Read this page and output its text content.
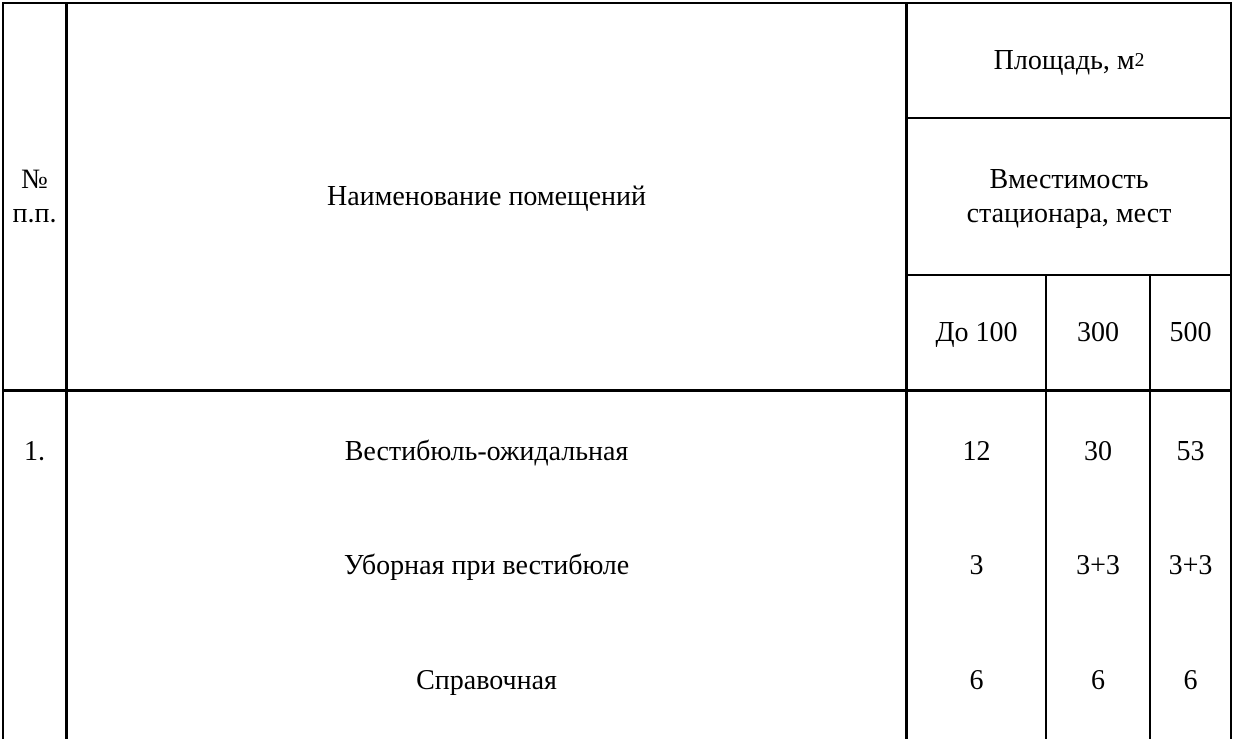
№
п.п.
Наименование помещений
Площадь, м 2
Вместимость стационара, мест
До 100	300	500
1.	Вестибюль-ожидальная	12	30	53
Уборная при вестибюле	3	3+3	3+3
Справочная	6	6	6
